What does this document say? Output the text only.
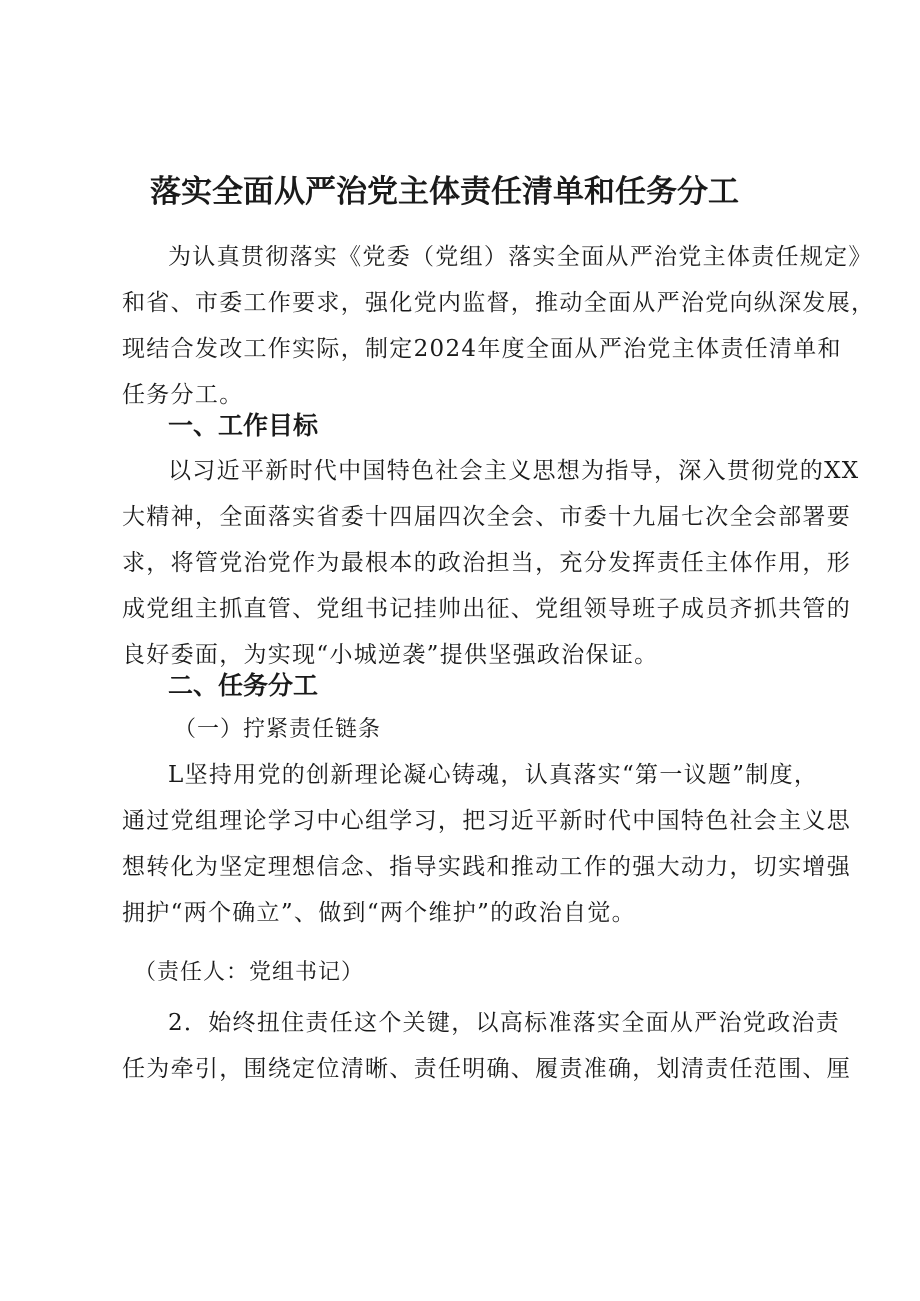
落实全面从严治党主体责任清单和任务分工
为认真贯彻落实《党委（党组）落实全面从严治党主体责任规定》
和省、市委工作要求，强化党内监督，推动全面从严治党向纵深发展，
现结合发改工作实际，制定2024年度全面从严治党主体责任清单和
任务分工。
一、工作目标
以习近平新时代中国特色社会主义思想为指导，深入贯彻党的XX
大精神，全面落实省委十四届四次全会、市委十九届七次全会部署要
求，将管党治党作为最根本的政治担当，充分发挥责任主体作用，形
成党组主抓直管、党组书记挂帅出征、党组领导班子成员齐抓共管的
良好委面，为实现“小城逆袭”提供坚强政治保证。
二、任务分工
（一）拧紧责任链条
L坚持用党的创新理论凝心铸魂，认真落实“第一议题”制度，
通过党组理论学习中心组学习，把习近平新时代中国特色社会主义思
想转化为坚定理想信念、指导实践和推动工作的强大动力，切实增强
拥护“两个确立”、做到“两个维护”的政治自觉。
（责任人：党组书记）
2．始终扭住责任这个关键，以高标准落实全面从严治党政治责
任为牵引，围绕定位清晰、责任明确、履责准确，划清责任范围、厘
